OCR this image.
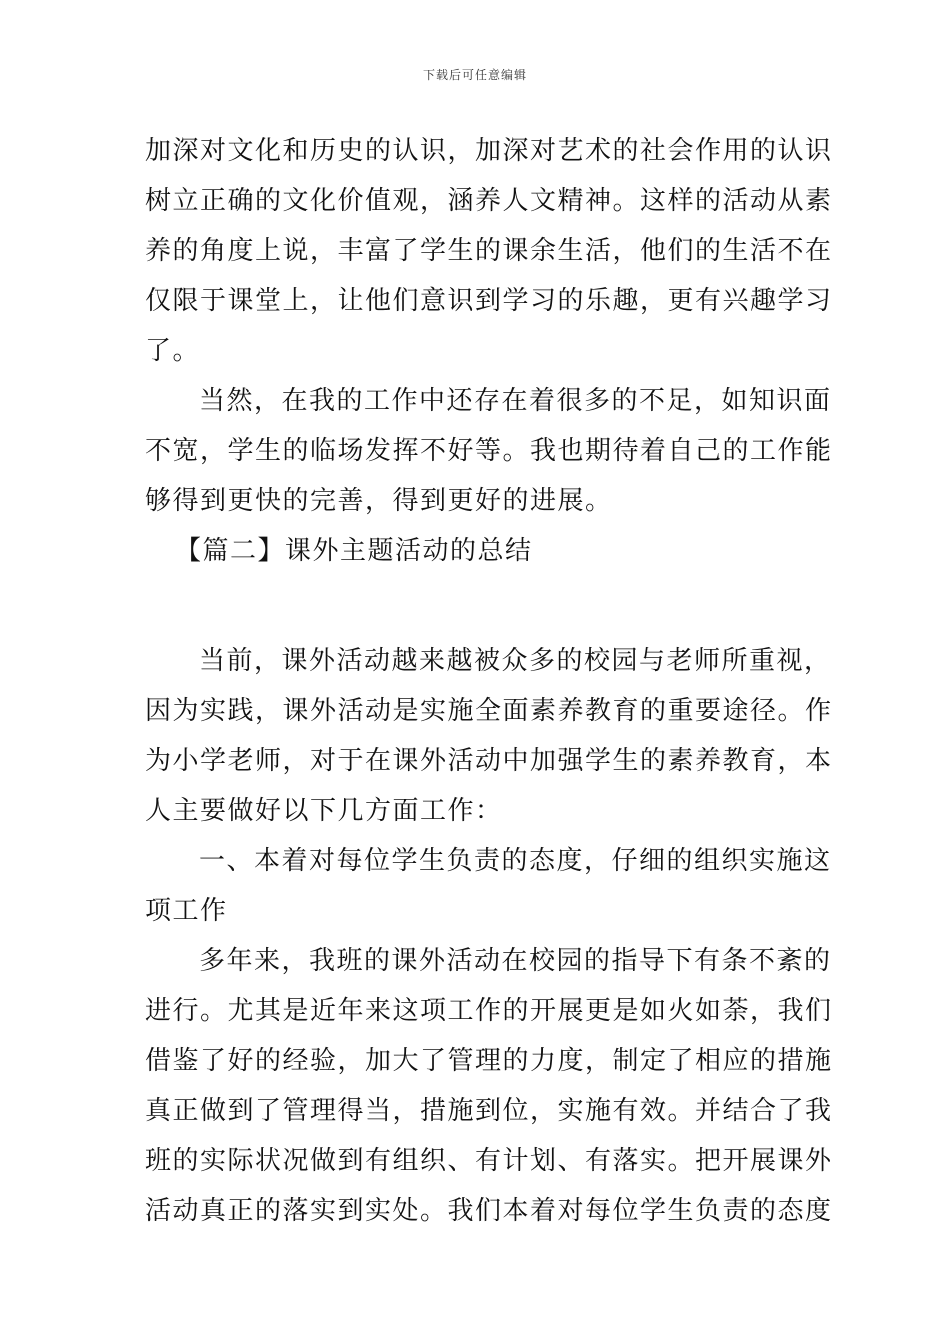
下载后可任意编辑
加深对文化和历史的认识，加深对艺术的社会作用的认识
树立正确的文化价值观，涵养人文精神。这样的活动从素
养的角度上说，丰富了学生的课余生活，他们的生活不在
仅限于课堂上，让他们意识到学习的乐趣，更有兴趣学习
了。
当然，在我的工作中还存在着很多的不足，如知识面
不宽，学生的临场发挥不好等。我也期待着自己的工作能
够得到更快的完善，得到更好的进展。
【篇二】课外主题活动的总结
当前，课外活动越来越被众多的校园与老师所重视，
因为实践，课外活动是实施全面素养教育的重要途径。作
为小学老师，对于在课外活动中加强学生的素养教育，本
人主要做好以下几方面工作：
一、本着对每位学生负责的态度，仔细的组织实施这
项工作
多年来，我班的课外活动在校园的指导下有条不紊的
进行。尤其是近年来这项工作的开展更是如火如荼，我们
借鉴了好的经验，加大了管理的力度，制定了相应的措施
真正做到了管理得当，措施到位，实施有效。并结合了我
班的实际状况做到有组织、有计划、有落实。把开展课外
活动真正的落实到实处。我们本着对每位学生负责的态度
